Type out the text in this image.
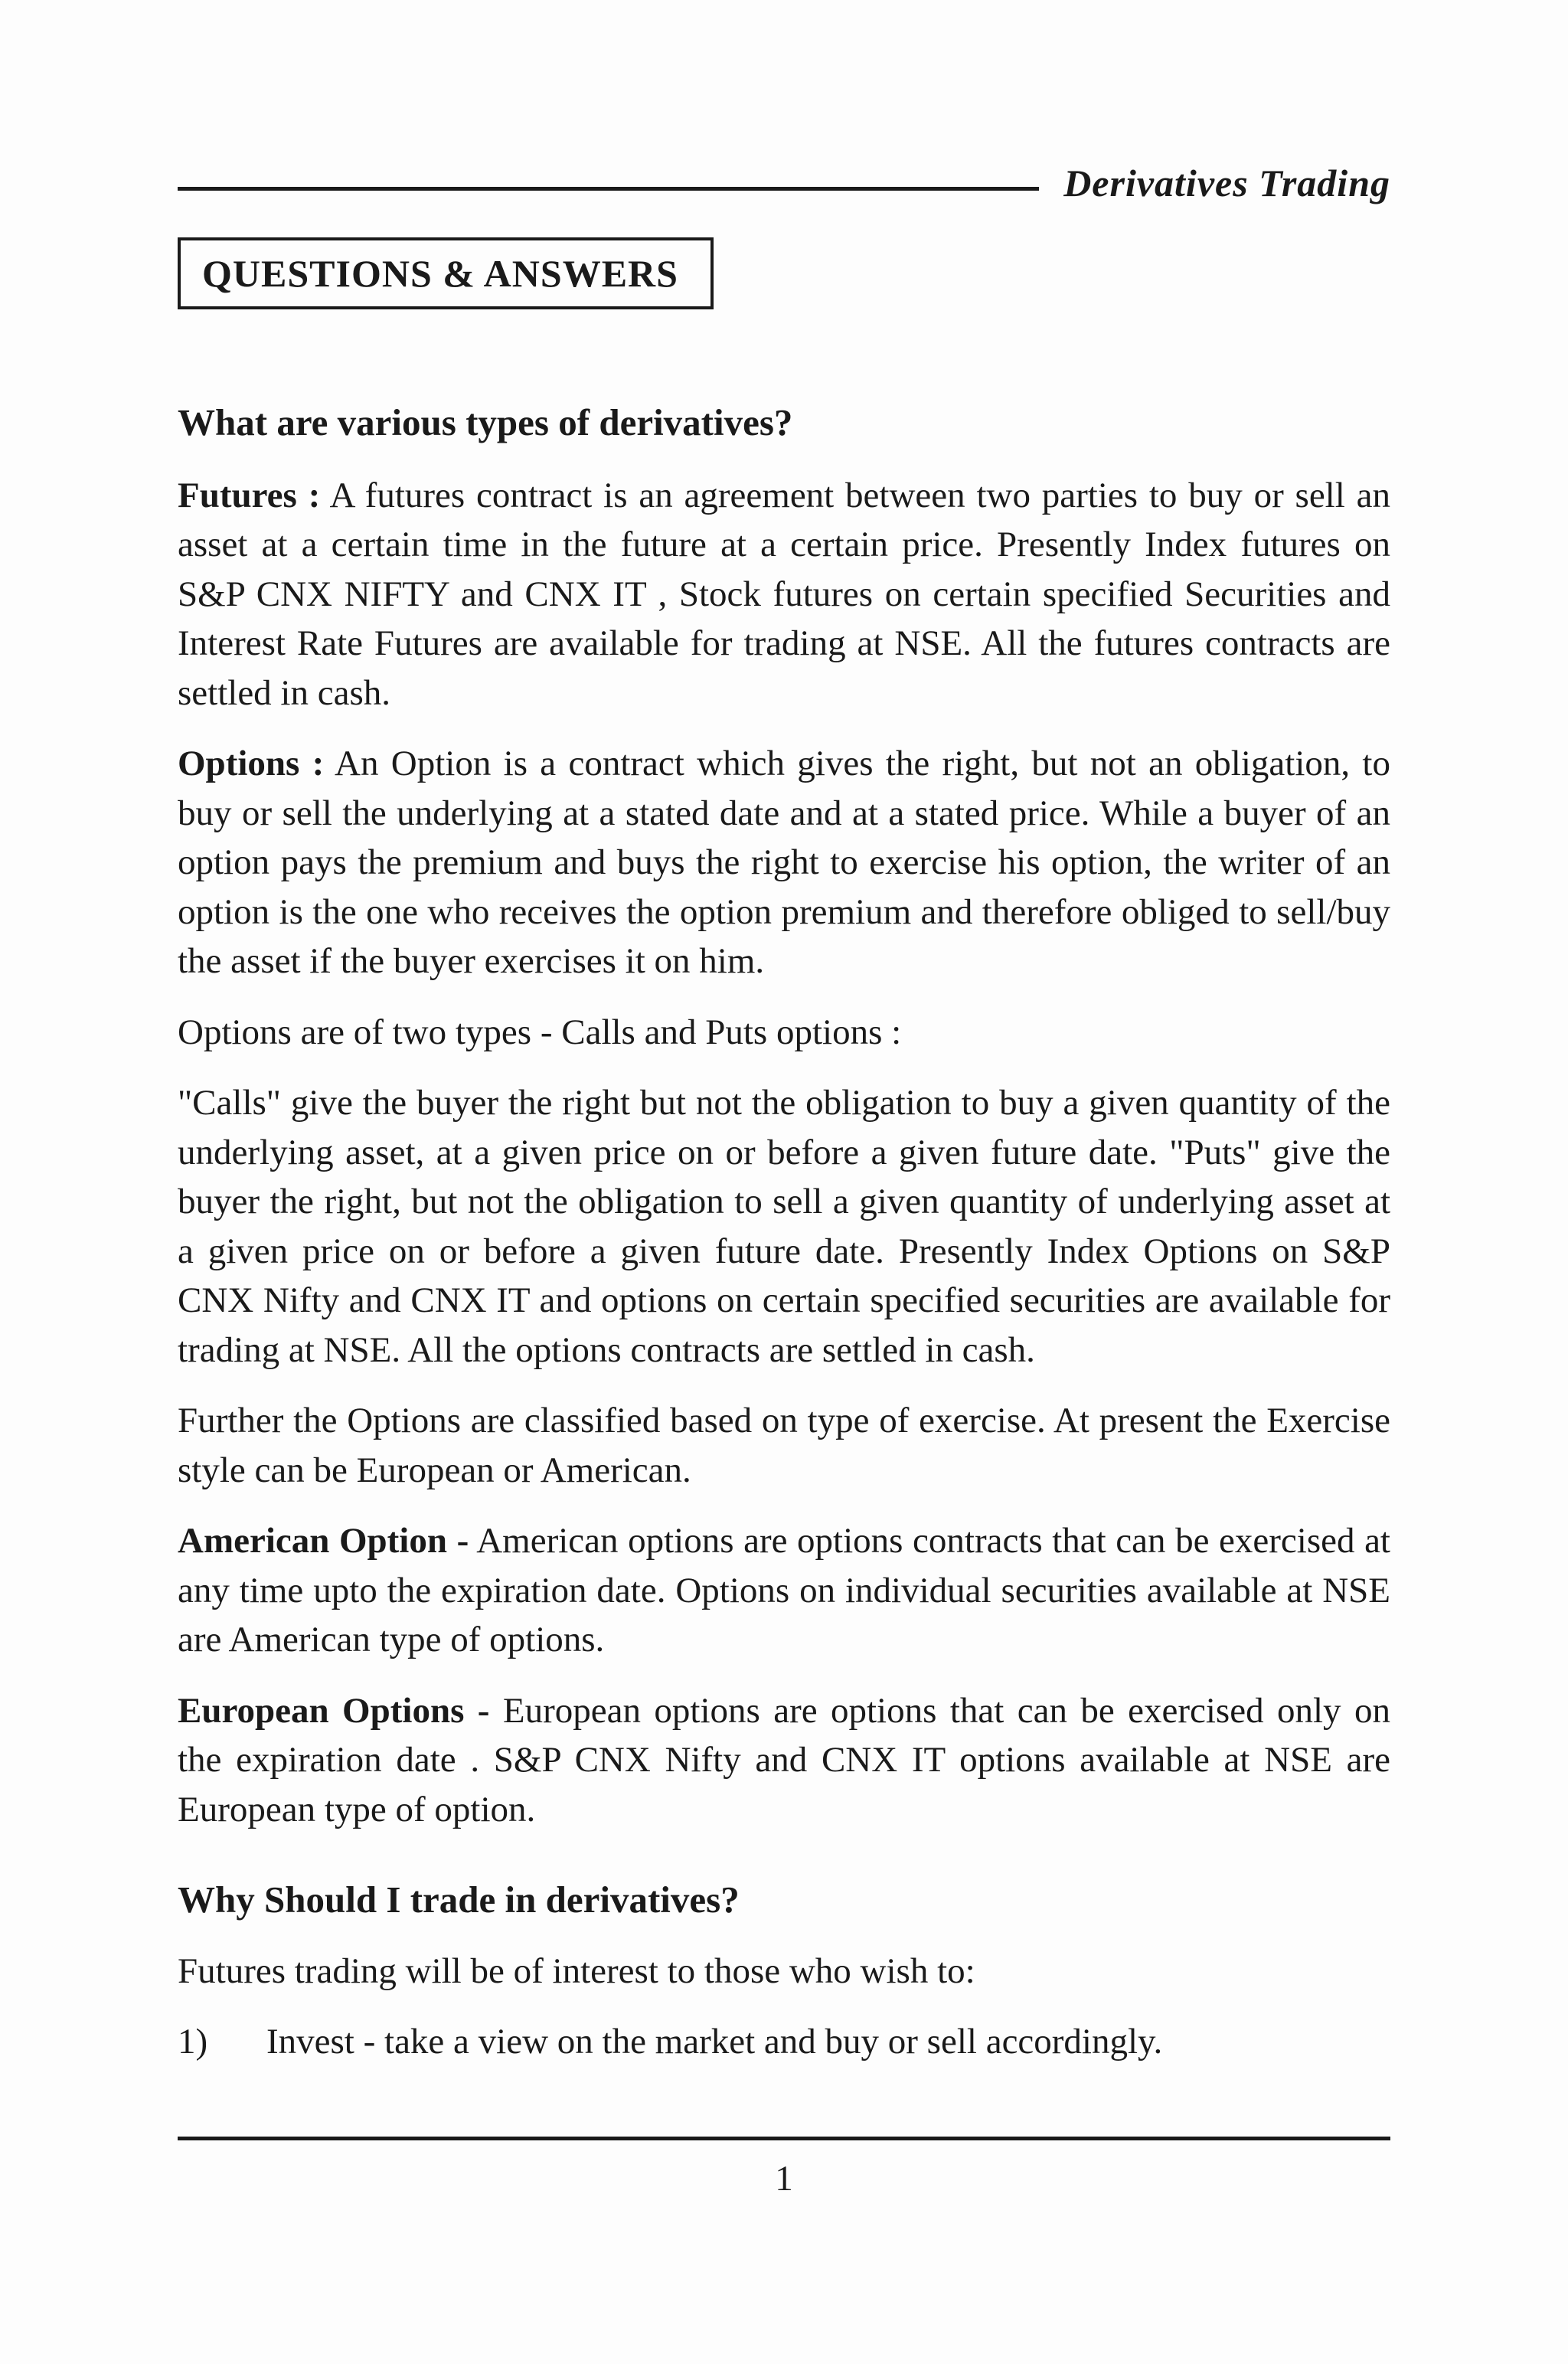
Derivatives Trading
QUESTIONS & ANSWERS

What are various types of derivatives?

Futures : A futures contract is an agreement between two parties to buy or sell an asset at a certain time in the future at a certain price. Presently Index futures on S&P CNX NIFTY and CNX IT , Stock futures on certain specified Securities and Interest Rate Futures are available for trading at NSE. All the futures contracts are settled in cash.

Options : An Option is a contract which gives the right, but not an obligation, to buy or sell the underlying at a stated date and at a stated price. While a buyer of an option pays the premium and buys the right to exercise his option, the writer of an option is the one who receives the option premium and therefore obliged to sell/buy the asset if the buyer exercises it on him.

Options are of two types - Calls and Puts options :

"Calls" give the buyer the right but not the obligation to buy a given quantity of the underlying asset, at a given price on or before a given future date. "Puts" give the buyer the right, but not the obligation to sell a given quantity of underlying asset at a given price on or before a given future date. Presently Index Options on S&P CNX Nifty and CNX IT and options on certain specified securities are available for trading at NSE. All the options contracts are settled in cash.

Further the Options are classified based on type of exercise. At present the Exercise style can be European or American.

American Option - American options are options contracts that can be exercised at any time upto the expiration date. Options on individual securities available at NSE are American type of options.

European Options - European options are options that can be exercised only on the expiration date . S&P CNX Nifty and CNX IT options available at NSE are European type of option.

Why Should I trade in derivatives?

Futures trading will be of interest to those who wish to:

1)	Invest - take a view on the market and buy or sell accordingly.
1
